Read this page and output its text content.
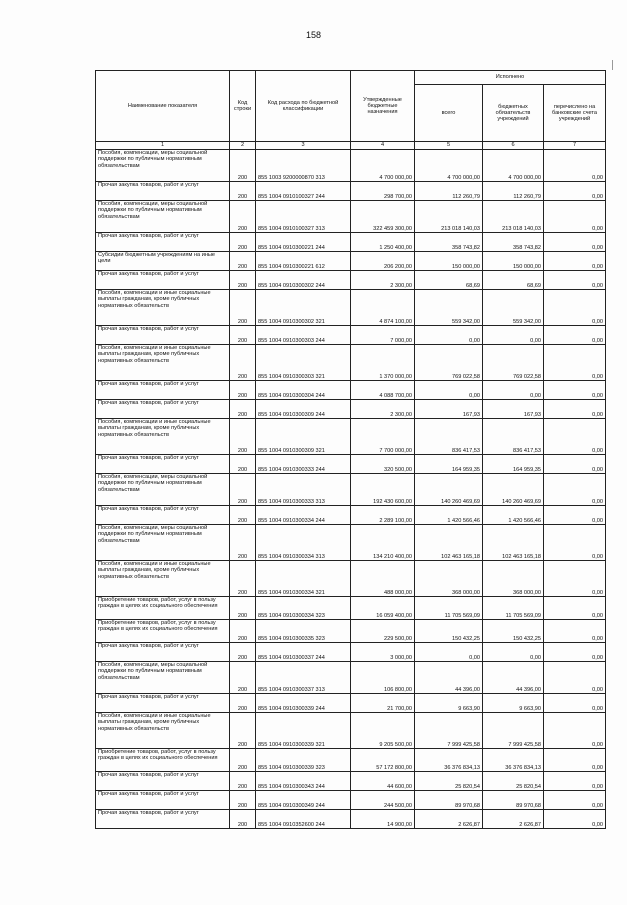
158
Наименование показателя	Код строки	Код расхода по бюджетной классификации	Утвержденные бюджетные назначения	Исполнено		
				всего	бюджетных обязательств учреждений	перечислено на банковские счета учреждений
1	2	3	4	5	6	7
Пособия, компенсации, меры социальной поддержки по публичным нормативным обязательствам	200	855 1003 9200000870 313	4 700 000,00	4 700 000,00	4 700 000,00	0,00
Прочая закупка товаров, работ и услуг	200	855 1004 0910100327 244	298 700,00	112 260,79	112 260,79	0,00
Пособия, компенсации, меры социальной поддержки по публичным нормативным обязательствам	200	855 1004 0910100327 313	322 459 300,00	213 018 140,03	213 018 140,03	0,00
Прочая закупка товаров, работ и услуг	200	855 1004 0910300221 244	1 250 400,00	358 743,82	358 743,82	0,00
Субсидии бюджетным учреждениям на иные цели	200	855 1004 0910300221 612	206 200,00	150 000,00	150 000,00	0,00
Прочая закупка товаров, работ и услуг	200	855 1004 0910300302 244	2 300,00	68,69	68,69	0,00
Пособия, компенсации и иные социальные выплаты гражданам, кроме публичных нормативных обязательств	200	855 1004 0910300302 321	4 874 100,00	559 342,00	559 342,00	0,00
Прочая закупка товаров, работ и услуг	200	855 1004 0910300303 244	7 000,00	0,00	0,00	0,00
Пособия, компенсации и иные социальные выплаты гражданам, кроме публичных нормативных обязательств	200	855 1004 0910300303 321	1 370 000,00	769 022,58	769 022,58	0,00
Прочая закупка товаров, работ и услуг	200	855 1004 0910300304 244	4 088 700,00	0,00	0,00	0,00
Прочая закупка товаров, работ и услуг	200	855 1004 0910300309 244	2 300,00	167,93	167,93	0,00
Пособия, компенсации и иные социальные выплаты гражданам, кроме публичных нормативных обязательств	200	855 1004 0910300309 321	7 700 000,00	836 417,53	836 417,53	0,00
Прочая закупка товаров, работ и услуг	200	855 1004 0910300333 244	320 500,00	164 959,35	164 959,35	0,00
Пособия, компенсации, меры социальной поддержки по публичным нормативным обязательствам	200	855 1004 0910300333 313	192 430 600,00	140 260 469,69	140 260 469,69	0,00
Прочая закупка товаров, работ и услуг	200	855 1004 0910300334 244	2 289 100,00	1 420 566,46	1 420 566,46	0,00
Пособия, компенсации, меры социальной поддержки по публичным нормативным обязательствам	200	855 1004 0910300334 313	134 210 400,00	102 463 165,18	102 463 165,18	0,00
Пособия, компенсации и иные социальные выплаты гражданам, кроме публичных нормативных обязательств	200	855 1004 0910300334 321	488 000,00	368 000,00	368 000,00	0,00
Приобретение товаров, работ, услуг в пользу граждан в целях их социального обеспечения	200	855 1004 0910300334 323	16 059 400,00	11 705 569,09	11 705 569,09	0,00
Приобретение товаров, работ, услуг в пользу граждан в целях их социального обеспечения	200	855 1004 0910300335 323	229 500,00	150 432,25	150 432,25	0,00
Прочая закупка товаров, работ и услуг	200	855 1004 0910300337 244	3 000,00	0,00	0,00	0,00
Пособия, компенсации, меры социальной поддержки по публичным нормативным обязательствам	200	855 1004 0910300337 313	106 800,00	44 396,00	44 396,00	0,00
Прочая закупка товаров, работ и услуг	200	855 1004 0910300339 244	21 700,00	9 663,90	9 663,90	0,00
Пособия, компенсации и иные социальные выплаты гражданам, кроме публичных нормативных обязательств	200	855 1004 0910300339 321	9 205 500,00	7 999 425,58	7 999 425,58	0,00
Приобретение товаров, работ, услуг в пользу граждан в целях их социального обеспечения	200	855 1004 0910300339 323	57 172 800,00	36 376 834,13	36 376 834,13	0,00
Прочая закупка товаров, работ и услуг	200	855 1004 0910300343 244	44 600,00	25 820,54	25 820,54	0,00
Прочая закупка товаров, работ и услуг	200	855 1004 0910300349 244	244 500,00	89 970,68	89 970,68	0,00
Прочая закупка товаров, работ и услуг	200	855 1004 0910352600 244	14 900,00	2 626,87	2 626,87	0,00
